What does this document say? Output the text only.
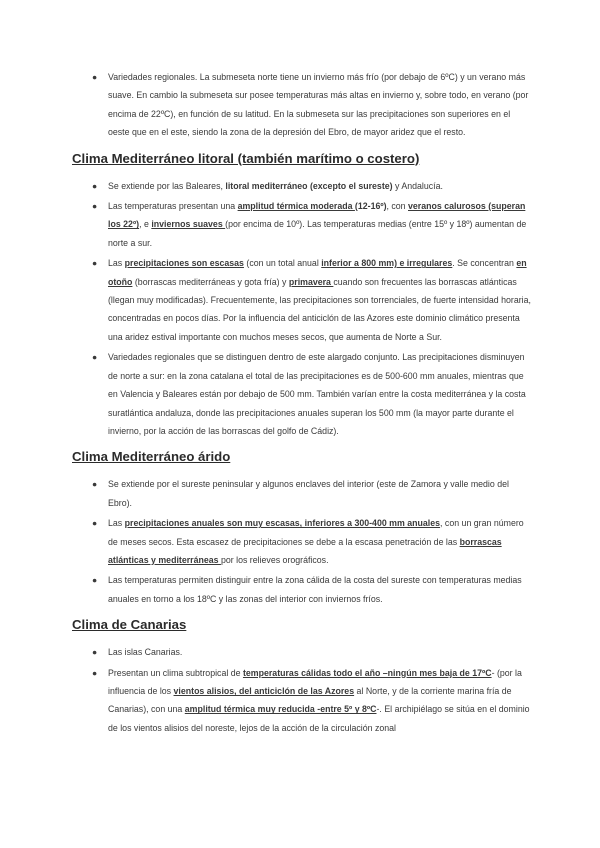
● Variedades regionales. La submeseta norte tiene un invierno más frío (por debajo de 6ºC) y un verano más suave. En cambio la submeseta sur posee temperaturas más altas en invierno y, sobre todo, en verano (por encima de 22ºC), en función de su latitud. En la submeseta sur las precipitaciones son superiores en el oeste que en el este, siendo la zona de la depresión del Ebro, de mayor aridez que el resto.
Clima Mediterráneo litoral (también marítimo o costero)
● Se extiende por las Baleares, litoral mediterráneo (excepto el sureste) y Andalucía.
● Las temperaturas presentan una amplitud térmica moderada (12-16º), con veranos calurosos (superan los 22º), e inviernos suaves (por encima de 10º). Las temperaturas medias (entre 15º y 18º) aumentan de norte a sur.
● Las precipitaciones son escasas (con un total anual inferior a 800 mm) e irregulares. Se concentran en otoño (borrascas mediterráneas y gota fría) y primavera cuando son frecuentes las borrascas atlánticas (llegan muy modificadas). Frecuentemente, las precipitaciones son torrenciales, de fuerte intensidad horaria, concentradas en pocos días. Por la influencia del anticiclón de las Azores este dominio climático presenta una aridez estival importante con muchos meses secos, que aumenta de Norte a Sur.
● Variedades regionales que se distinguen dentro de este alargado conjunto. Las precipitaciones disminuyen de norte a sur: en la zona catalana el total de las precipitaciones es de 500-600 mm anuales, mientras que en Valencia y Baleares están por debajo de 500 mm. También varían entre la costa mediterránea y la costa suratlántica andaluza, donde las precipitaciones anuales superan los 500 mm (la mayor parte durante el invierno, por la acción de las borrascas del golfo de Cádiz).
Clima Mediterráneo árido
● Se extiende por el sureste peninsular y algunos enclaves del interior (este de Zamora y valle medio del Ebro).
● Las precipitaciones anuales son muy escasas, inferiores a 300-400 mm anuales, con un gran número de meses secos. Esta escasez de precipitaciones se debe a la escasa penetración de las borrascas atlánticas y mediterráneas por los relieves orográficos.
● Las temperaturas permiten distinguir entre la zona cálida de la costa del sureste con temperaturas medias anuales en torno a los 18ºC y las zonas del interior con inviernos fríos.
Clima de Canarias
● Las islas Canarias.
● Presentan un clima subtropical de temperaturas cálidas todo el año –ningún mes baja de 17ºC- (por la influencia de los vientos alisios, del anticiclón de las Azores al Norte, y de la corriente marina fría de Canarias), con una amplitud térmica muy reducida -entre 5º y 8ºC-. El archipiélago se sitúa en el dominio de los vientos alisios del noreste, lejos de la acción de la circulación zonal
